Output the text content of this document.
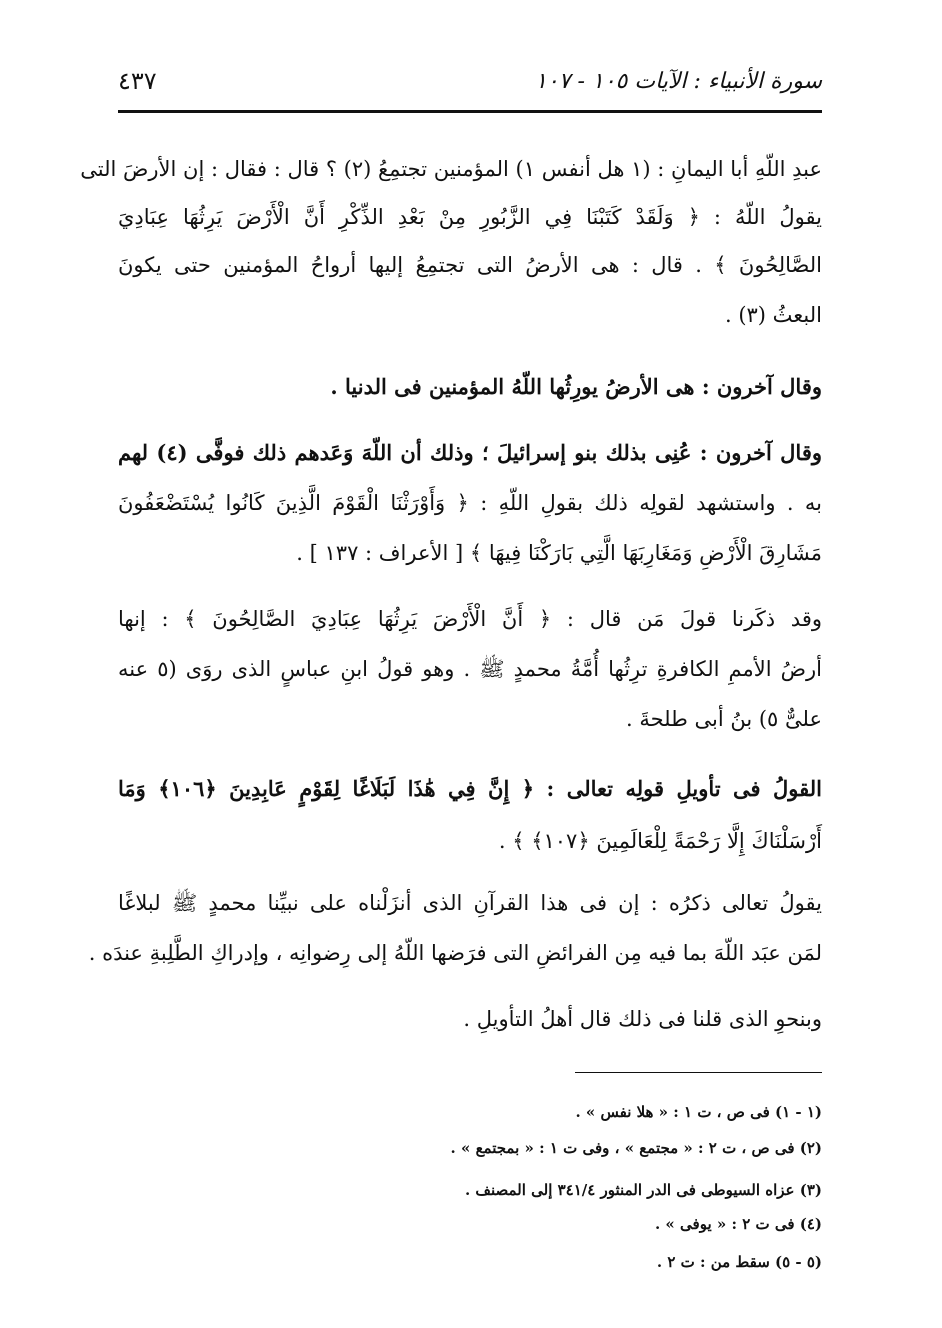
سورة الأنبياء : الآيات ١٠٥ - ١٠٧
٤٣٧
عبدِ اللّهِ أبا اليمانِ : (١ هل أنفس ١) المؤمنين تجتمِعُ (٢) ؟ قال : فقال : إن الأرضَ التى
يقولُ اللّهُ : ﴿ وَلَقَدْ كَتَبْنَا فِي الزَّبُورِ مِنْ بَعْدِ الذِّكْرِ أَنَّ الْأَرْضَ يَرِثُهَا عِبَادِيَ
الصَّالِحُونَ ﴾ . قال : هى الأرضُ التى تجتمِعُ إليها أرواحُ المؤمنين حتى يكونَ
البعثُ (٣) .
وقال آخرون : هى الأرضُ يورِثُها اللّهُ المؤمنين فى الدنيا .
وقال آخرون : عُنِى بذلك بنو إسرائيلَ ؛ وذلك أن اللّهَ وَعَدهم ذلك فوفَّى (٤) لهم
به . واستشهد لقولِه ذلك بقولِ اللّهِ : ﴿ وَأَوْرَثْنَا الْقَوْمَ الَّذِينَ كَانُوا يُسْتَضْعَفُونَ
مَشَارِقَ الْأَرْضِ وَمَغَارِبَهَا الَّتِي بَارَكْنَا فِيهَا ﴾ [ الأعراف : ١٣٧ ] .
وقد ذكَرنا قولَ مَن قال : ﴿ أَنَّ الْأَرْضَ يَرِثُهَا عِبَادِيَ الصَّالِحُونَ ﴾ : إنها
أرضُ الأممِ الكافرةِ ترِثُها أُمَّةُ محمدٍ ﷺ . وهو قولُ ابنِ عباسٍ الذى روَى (٥ عنه
علىٌّ ٥) بنُ أبى طلحةَ .
القولُ فى تأويلِ قولِه تعالى : ﴿ إِنَّ فِي هَٰذَا لَبَلَاغًا لِقَوْمٍ عَابِدِينَ ﴿١٠٦﴾ وَمَا
أَرْسَلْنَاكَ إِلَّا رَحْمَةً لِلْعَالَمِينَ ﴿١٠٧﴾ ﴾ .
يقولُ تعالى ذكرُه : إن فى هذا القرآنِ الذى أنزَلْناه على نبيِّنا محمدٍ ﷺ لبلاغًا
لمَن عبَد اللّهَ بما فيه مِن الفرائضِ التى فرَضها اللّهُ إلى رِضوانِه ، وإدراكِ الطَّلِبةِ عندَه .
وبنحوِ الذى قلنا فى ذلك قال أهلُ التأويلِ .
(١ - ١) فى ص ، ت ١ : « هلا نفس » .
(٢) فى ص ، ت ٢ : « مجتمع » ، وفى ت ١ : « بمجتمع » .
(٣) عزاه السيوطى فى الدر المنثور ٣٤١/٤ إلى المصنف .
(٤) فى ت ٢ : « يوفى » .
(٥ - ٥) سقط من : ت ٢ .
